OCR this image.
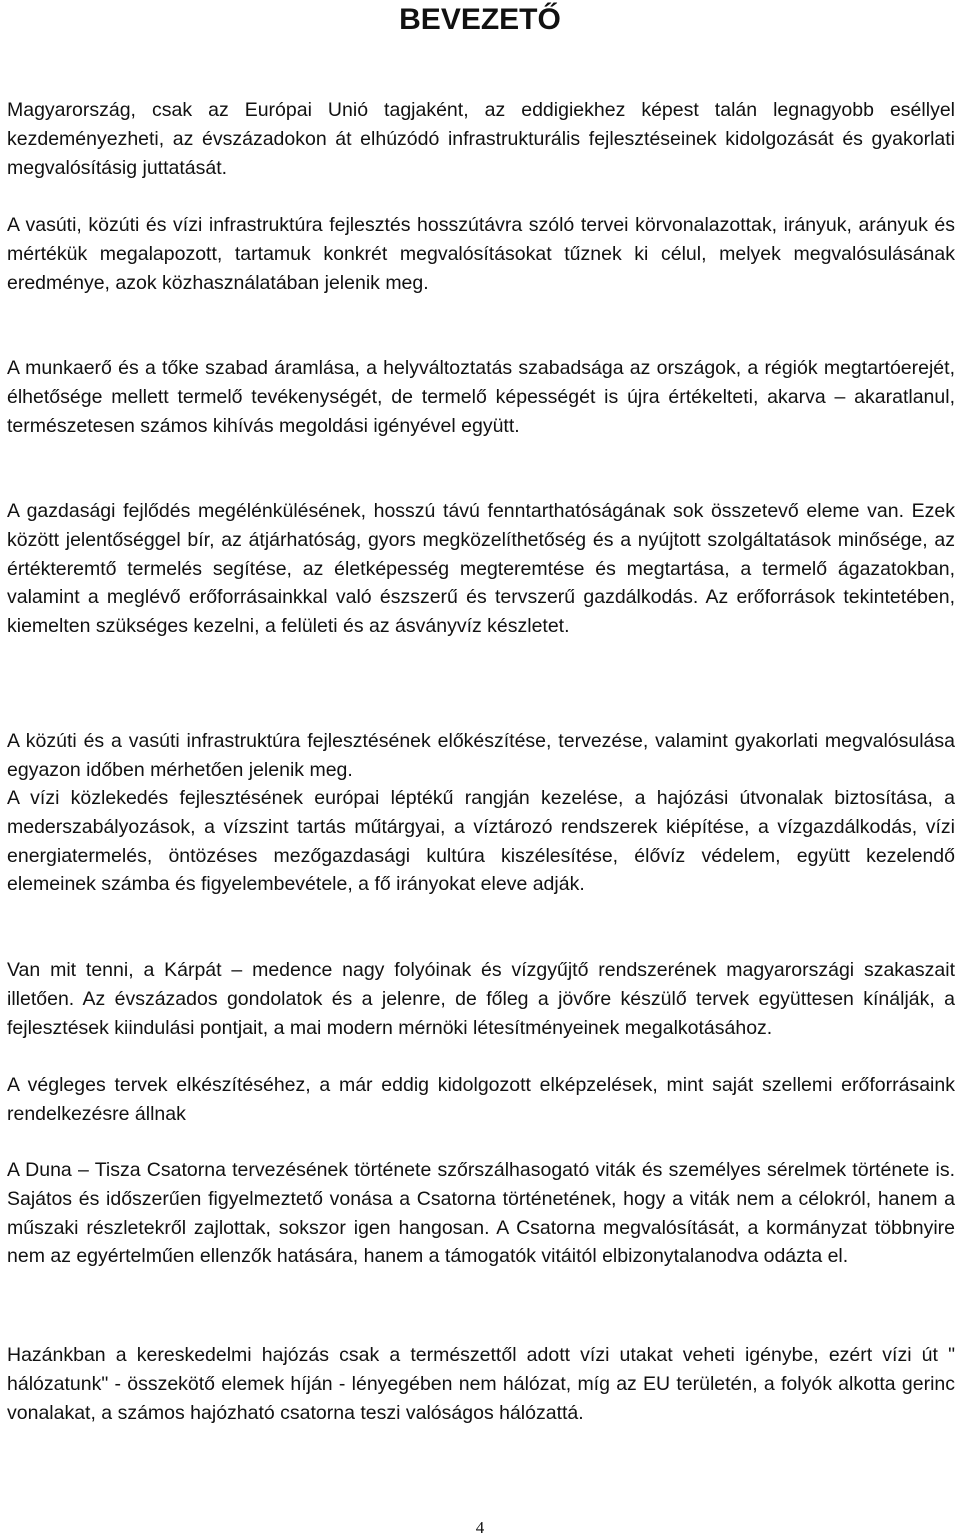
BEVEZETŐ

Magyarország, csak az Európai Unió tagjaként, az eddigiekhez képest talán legnagyobb eséllyel kezdeményezheti, az évszázadokon át elhúzódó infrastrukturális fejlesztéseinek kidolgozását és gyakorlati megvalósításig juttatását.

A vasúti, közúti és vízi infrastruktúra fejlesztés hosszútávra szóló tervei körvonalazottak, irányuk, arányuk és mértékük megalapozott, tartamuk konkrét megvalósításokat tűznek ki célul, melyek megvalósulásának eredménye, azok közhasználatában jelenik meg.

A munkaerő és a tőke szabad áramlása, a helyváltoztatás szabadsága az országok, a régiók megtartóerejét, élhetősége mellett termelő tevékenységét, de termelő képességét is újra értékelteti, akarva – akaratlanul, természetesen számos kihívás megoldási igényével együtt.

A gazdasági fejlődés megélénkülésének, hosszú távú fenntarthatóságának sok összetevő eleme van. Ezek között jelentőséggel bír, az átjárhatóság, gyors megközelíthetőség és a nyújtott szolgáltatások minősége, az értékteremtő termelés segítése, az életképesség megteremtése és megtartása, a termelő ágazatokban, valamint a meglévő erőforrásainkkal való észszerű és tervszerű gazdálkodás. Az erőforrások tekintetében, kiemelten szükséges kezelni, a felületi és az ásványvíz készletet.

A közúti és a vasúti infrastruktúra fejlesztésének előkészítése, tervezése, valamint gyakorlati megvalósulása egyazon időben mérhetően jelenik meg.

A vízi közlekedés fejlesztésének európai léptékű rangján kezelése, a hajózási útvonalak biztosítása, a mederszabályozások, a vízszint tartás műtárgyai, a víztározó rendszerek kiépítése, a vízgazdálkodás, vízi energiatermelés, öntözéses mezőgazdasági kultúra kiszélesítése, élővíz védelem, együtt kezelendő elemeinek számba és figyelembevétele, a fő irányokat eleve adják.

Van mit tenni, a Kárpát – medence nagy folyóinak és vízgyűjtő rendszerének magyarországi szakaszait illetően. Az évszázados gondolatok és a jelenre, de főleg a jövőre készülő tervek együttesen kínálják, a fejlesztések kiindulási pontjait, a mai modern mérnöki létesítményeinek megalkotásához.

A végleges tervek elkészítéséhez, a már eddig kidolgozott elképzelések, mint saját szellemi erőforrásaink rendelkezésre állnak

A Duna – Tisza Csatorna tervezésének története szőrszálhasogató viták és személyes sérelmek története is. Sajátos és időszerűen figyelmeztető vonása a Csatorna történetének, hogy a viták nem a célokról, hanem a műszaki részletekről zajlottak, sokszor igen hangosan. A Csatorna megvalósítását, a kormányzat többnyire nem az egyértelműen ellenzők hatására, hanem a támogatók vitáitól elbizonytalanodva odázta el.

Hazánkban a kereskedelmi hajózás csak a természettől adott vízi utakat veheti igénybe, ezért vízi út " hálózatunk" - összekötő elemek híján - lényegében nem hálózat, míg az EU területén, a folyók alkotta gerinc vonalakat, a számos hajózható csatorna teszi valóságos hálózattá.

4
